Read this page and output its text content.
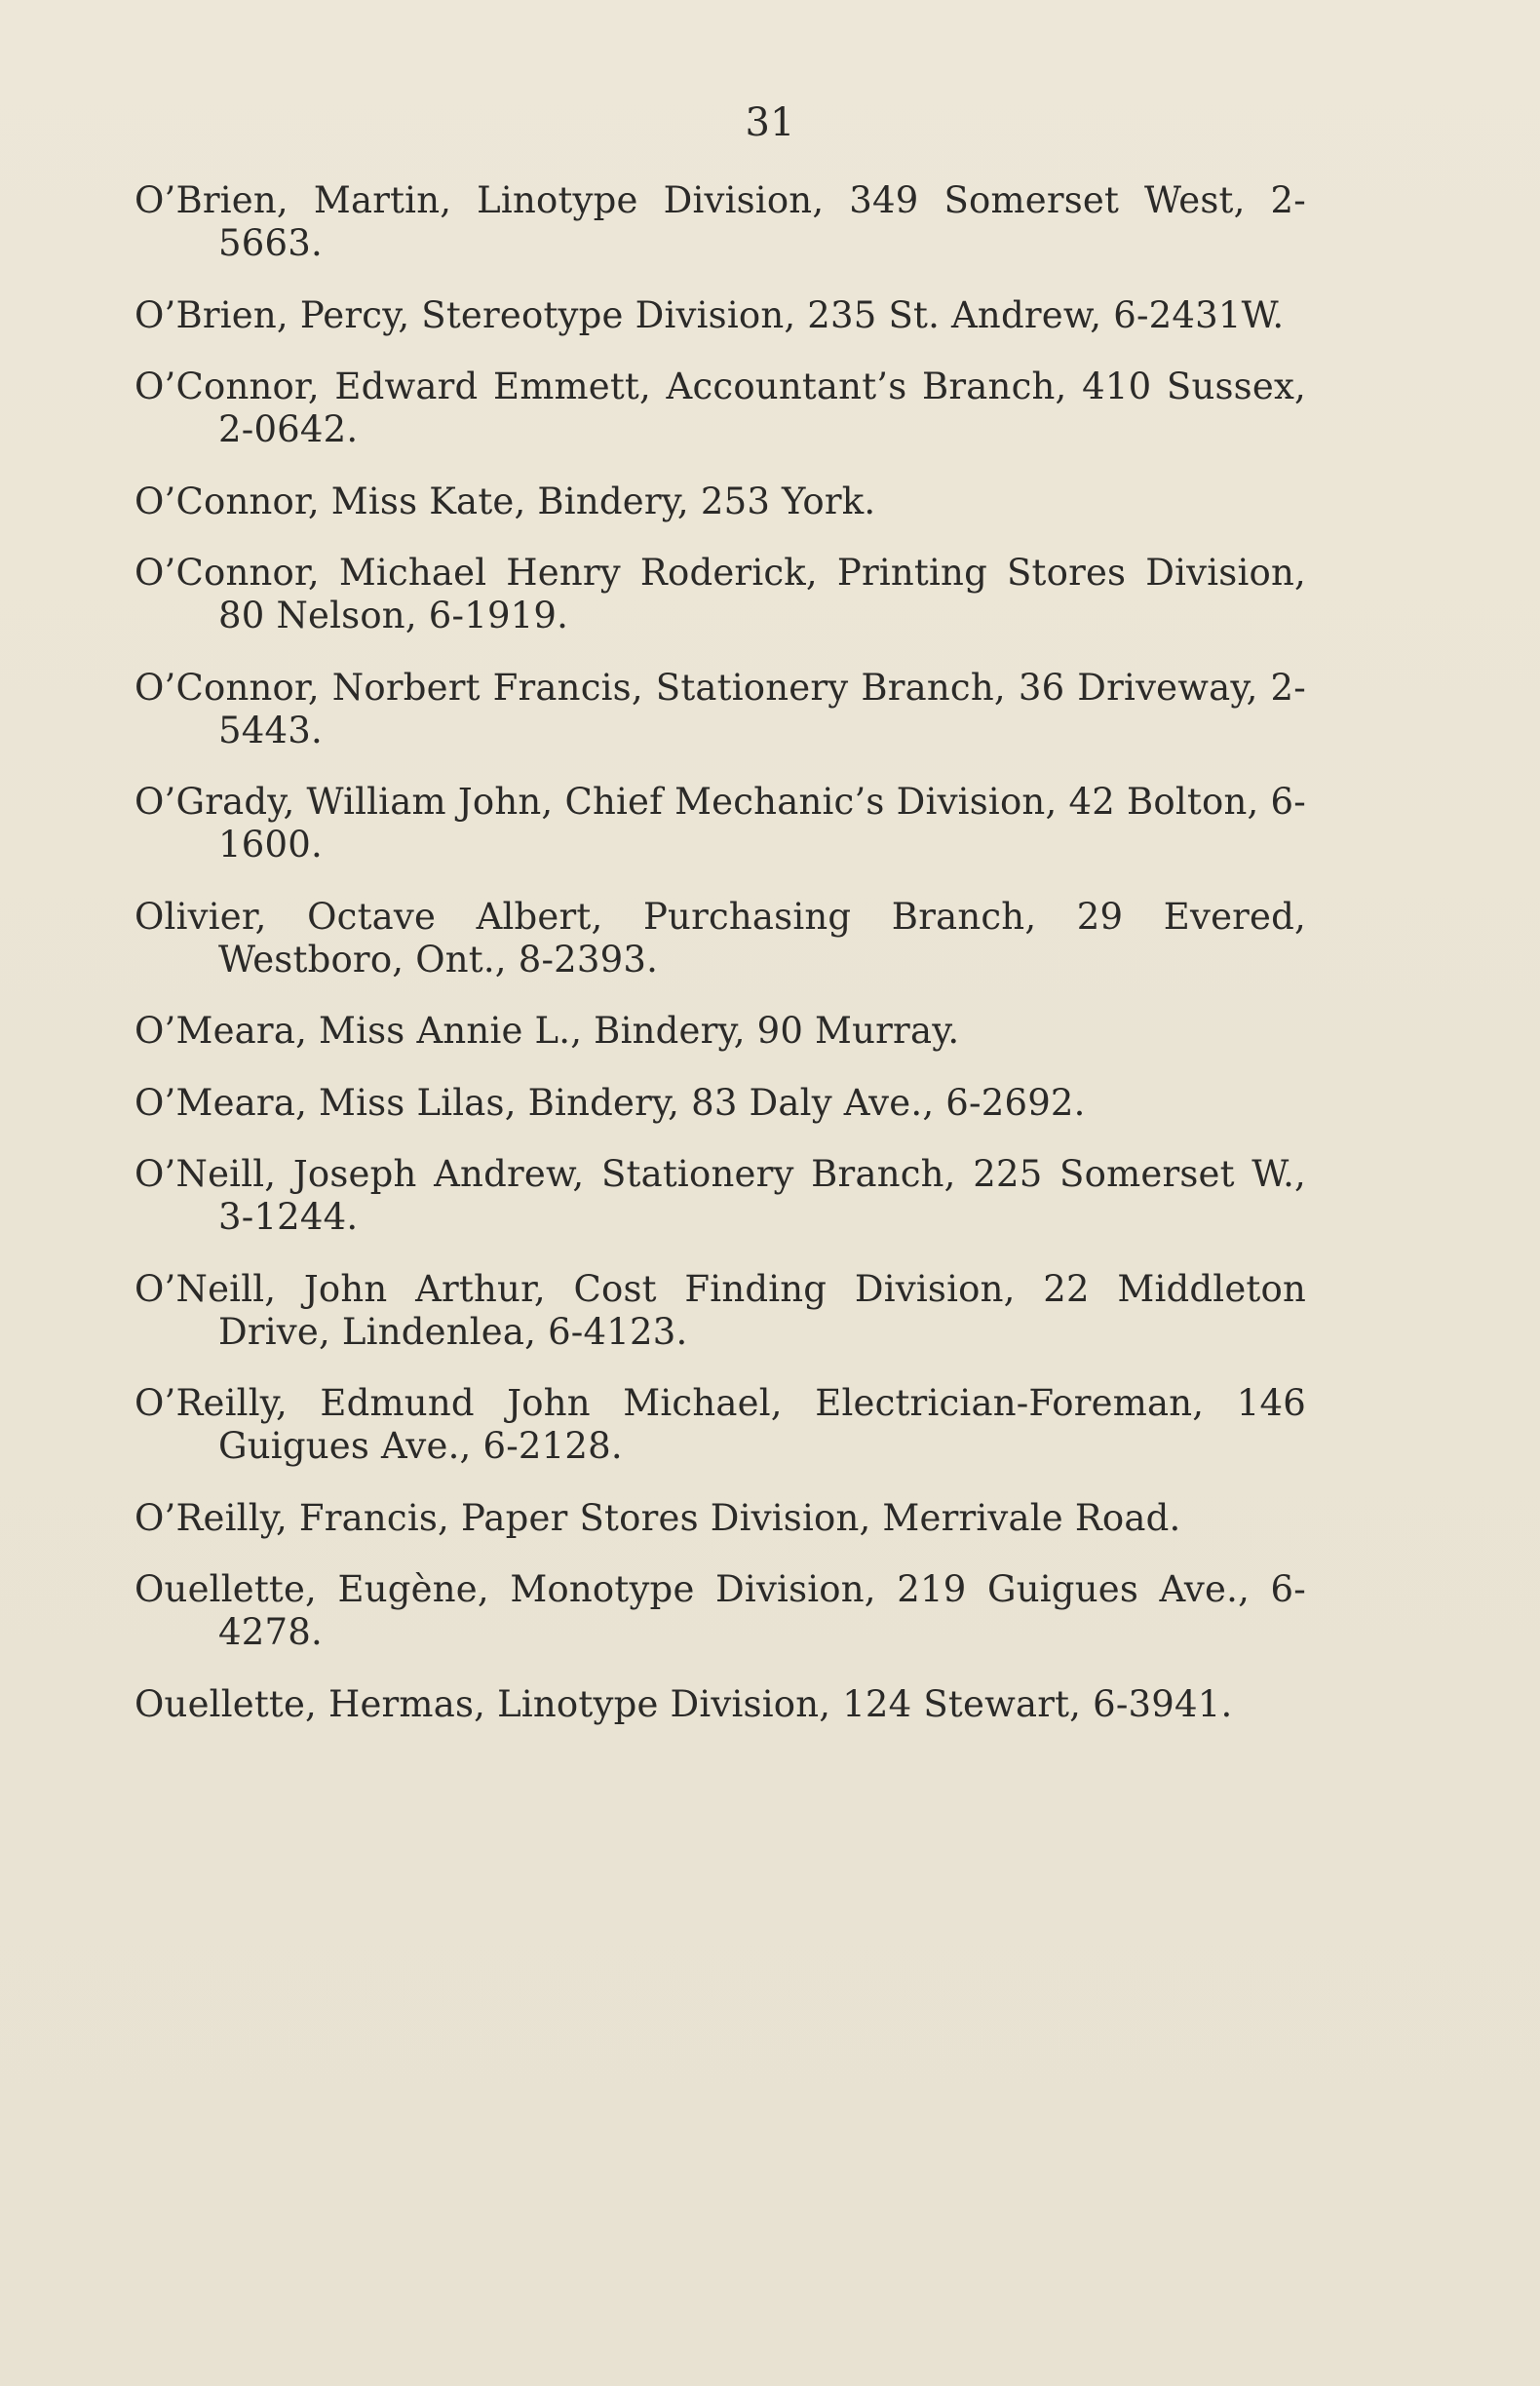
31
O’Brien, Martin, Linotype Division, 349 Somerset West, 2-5663.
O’Brien, Percy, Stereotype Division, 235 St. Andrew, 6-2431W.
O’Connor, Edward Emmett, Accountant’s Branch, 410 Sussex, 2-0642.
O’Connor, Miss Kate, Bindery, 253 York.
O’Connor, Michael Henry Roderick, Printing Stores Division, 80 Nelson, 6-1919.
O’Connor, Norbert Francis, Stationery Branch, 36 Driveway, 2-5443.
O’Grady, William John, Chief Mechanic’s Division, 42 Bolton, 6-1600.
Olivier, Octave Albert, Purchasing Branch, 29 Evered, Westboro, Ont., 8-2393.
O’Meara, Miss Annie L., Bindery, 90 Murray.
O’Meara, Miss Lilas, Bindery, 83 Daly Ave., 6-2692.
O’Neill, Joseph Andrew, Stationery Branch, 225 Somerset W., 3-1244.
O’Neill, John Arthur, Cost Finding Division, 22 Middleton Drive, Lindenlea, 6-4123.
O’Reilly, Edmund John Michael, Electrician-Foreman, 146 Guigues Ave., 6-2128.
O’Reilly, Francis, Paper Stores Division, Merrivale Road.
Ouellette, Eugène, Monotype Division, 219 Guigues Ave., 6-4278.
Ouellette, Hermas, Linotype Division, 124 Stewart, 6-3941.
